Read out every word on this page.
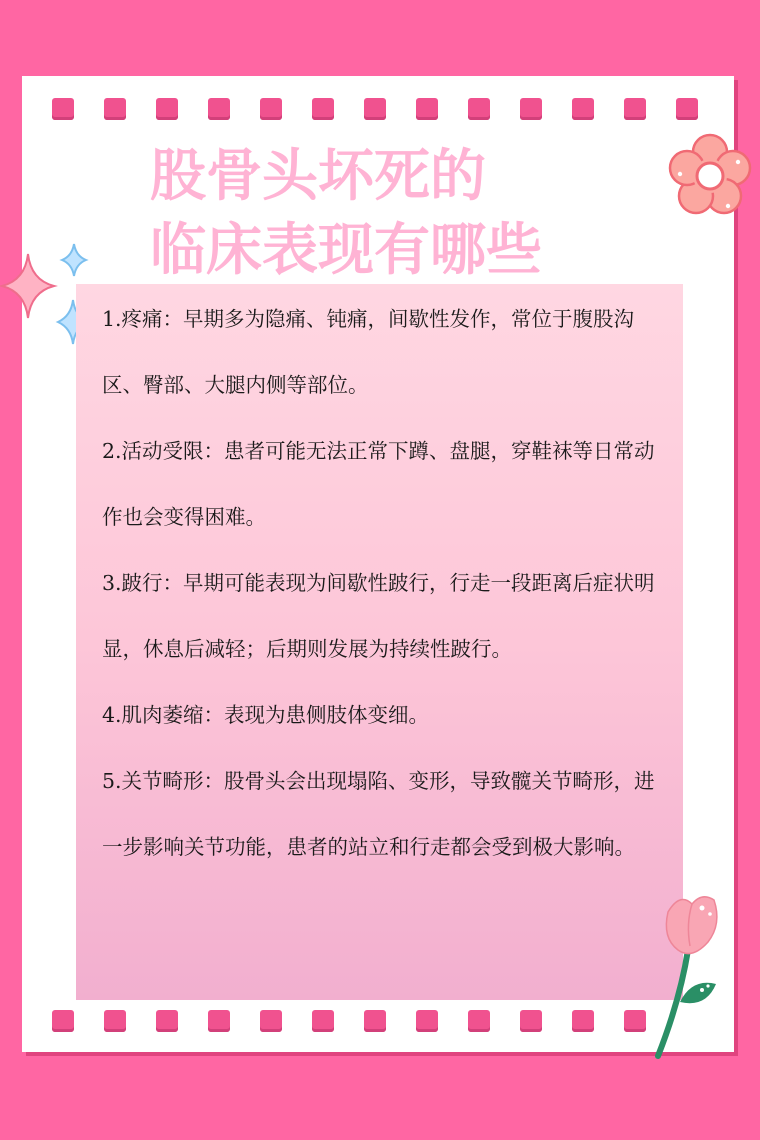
股骨头坏死的
临床表现有哪些

1.疼痛：早期多为隐痛、钝痛，间歇性发作，常位于腹股沟区、臀部、大腿内侧等部位。

2.活动受限：患者可能无法正常下蹲、盘腿，穿鞋袜等日常动作也会变得困难。

3.跛行：早期可能表现为间歇性跛行，行走一段距离后症状明显，休息后减轻；后期则发展为持续性跛行。

4.肌肉萎缩：表现为患侧肢体变细。

5.关节畸形：股骨头会出现塌陷、变形，导致髋关节畸形，进一步影响关节功能，患者的站立和行走都会受到极大影响。
